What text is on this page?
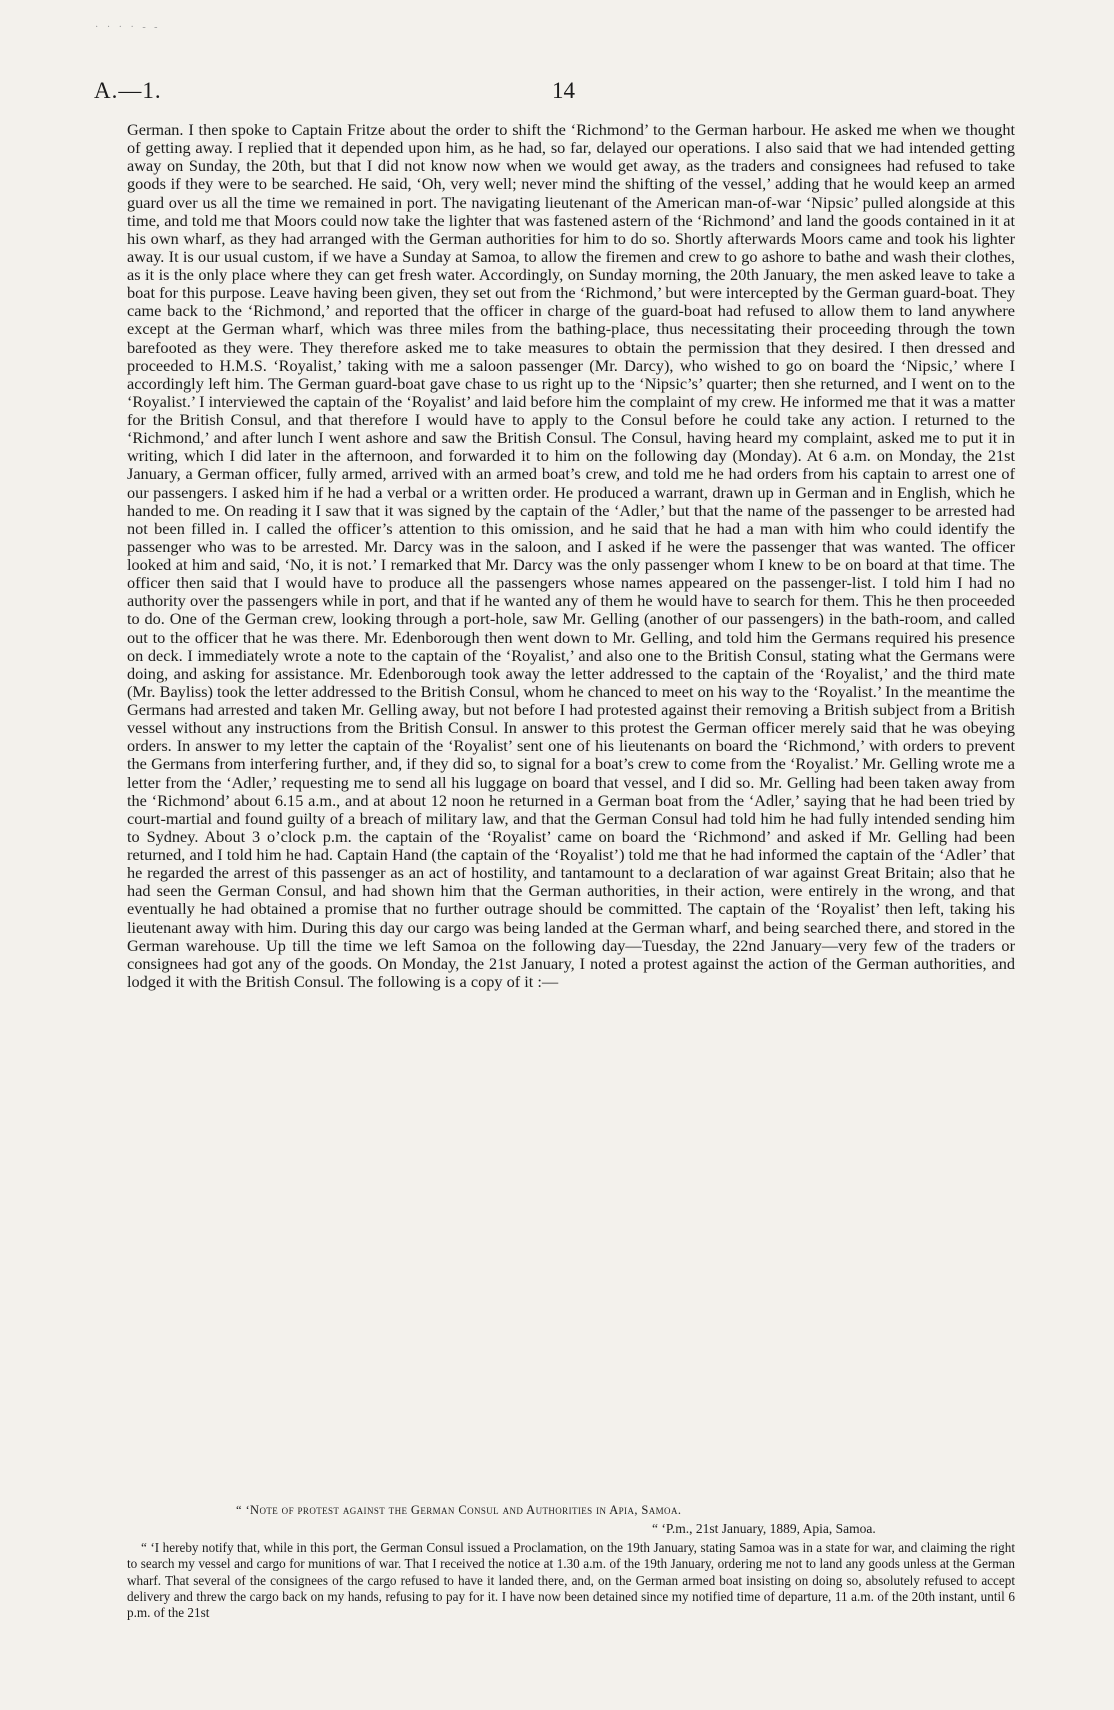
· · · · - -
A.—1.	14

German. I then spoke to Captain Fritze about the order to shift the ‘Richmond’ to the German harbour. He asked me when we thought of getting away. I replied that it depended upon him, as he had, so far, delayed our operations. I also said that we had intended getting away on Sunday, the 20th, but that I did not know now when we would get away, as the traders and consignees had refused to take goods if they were to be searched. He said, ‘Oh, very well; never mind the shifting of the vessel,’ adding that he would keep an armed guard over us all the time we remained in port. The navigating lieutenant of the American man-of-war ‘Nipsic’ pulled alongside at this time, and told me that Moors could now take the lighter that was fastened astern of the ‘Richmond’ and land the goods contained in it at his own wharf, as they had arranged with the German authorities for him to do so. Shortly afterwards Moors came and took his lighter away. It is our usual custom, if we have a Sunday at Samoa, to allow the firemen and crew to go ashore to bathe and wash their clothes, as it is the only place where they can get fresh water. Accordingly, on Sunday morning, the 20th January, the men asked leave to take a boat for this purpose. Leave having been given, they set out from the ‘Richmond,’ but were intercepted by the German guard-boat. They came back to the ‘Richmond,’ and reported that the officer in charge of the guard-boat had refused to allow them to land anywhere except at the German wharf, which was three miles from the bathing-place, thus necessitating their proceeding through the town barefooted as they were. They therefore asked me to take measures to obtain the permission that they desired. I then dressed and proceeded to H.M.S. ‘Royalist,’ taking with me a saloon passenger (Mr. Darcy), who wished to go on board the ‘Nipsic,’ where I accordingly left him. The German guard-boat gave chase to us right up to the ‘Nipsic’s’ quarter; then she returned, and I went on to the ‘Royalist.’ I interviewed the captain of the ‘Royalist’ and laid before him the complaint of my crew. He informed me that it was a matter for the British Consul, and that therefore I would have to apply to the Consul before he could take any action. I returned to the ‘Richmond,’ and after lunch I went ashore and saw the British Consul. The Consul, having heard my complaint, asked me to put it in writing, which I did later in the afternoon, and forwarded it to him on the following day (Monday). At 6 a.m. on Monday, the 21st January, a German officer, fully armed, arrived with an armed boat’s crew, and told me he had orders from his captain to arrest one of our passengers. I asked him if he had a verbal or a written order. He produced a warrant, drawn up in German and in English, which he handed to me. On reading it I saw that it was signed by the captain of the ‘Adler,’ but that the name of the passenger to be arrested had not been filled in. I called the officer’s attention to this omission, and he said that he had a man with him who could identify the passenger who was to be arrested. Mr. Darcy was in the saloon, and I asked if he were the passenger that was wanted. The officer looked at him and said, ‘No, it is not.’ I remarked that Mr. Darcy was the only passenger whom I knew to be on board at that time. The officer then said that I would have to produce all the passengers whose names appeared on the passenger-list. I told him I had no authority over the passengers while in port, and that if he wanted any of them he would have to search for them. This he then proceeded to do. One of the German crew, looking through a port-hole, saw Mr. Gelling (another of our passengers) in the bath-room, and called out to the officer that he was there. Mr. Edenborough then went down to Mr. Gelling, and told him the Germans required his presence on deck. I immediately wrote a note to the captain of the ‘Royalist,’ and also one to the British Consul, stating what the Germans were doing, and asking for assistance. Mr. Edenborough took away the letter addressed to the captain of the ‘Royalist,’ and the third mate (Mr. Bayliss) took the letter addressed to the British Consul, whom he chanced to meet on his way to the ‘Royalist.’ In the meantime the Germans had arrested and taken Mr. Gelling away, but not before I had protested against their removing a British subject from a British vessel without any instructions from the British Consul. In answer to this protest the German officer merely said that he was obeying orders. In answer to my letter the captain of the ‘Royalist’ sent one of his lieutenants on board the ‘Richmond,’ with orders to prevent the Germans from interfering further, and, if they did so, to signal for a boat’s crew to come from the ‘Royalist.’ Mr. Gelling wrote me a letter from the ‘Adler,’ requesting me to send all his luggage on board that vessel, and I did so. Mr. Gelling had been taken away from the ‘Richmond’ about 6.15 a.m., and at about 12 noon he returned in a German boat from the ‘Adler,’ saying that he had been tried by court-martial and found guilty of a breach of military law, and that the German Consul had told him he had fully intended sending him to Sydney. About 3 o’clock p.m. the captain of the ‘Royalist’ came on board the ‘Richmond’ and asked if Mr. Gelling had been returned, and I told him he had. Captain Hand (the captain of the ‘Royalist’) told me that he had informed the captain of the ‘Adler’ that he regarded the arrest of this passenger as an act of hostility, and tantamount to a declaration of war against Great Britain; also that he had seen the German Consul, and had shown him that the German authorities, in their action, were entirely in the wrong, and that eventually he had obtained a promise that no further outrage should be committed. The captain of the ‘Royalist’ then left, taking his lieutenant away with him. During this day our cargo was being landed at the German wharf, and being searched there, and stored in the German warehouse. Up till the time we left Samoa on the following day—Tuesday, the 22nd January—very few of the traders or consignees had got any of the goods. On Monday, the 21st January, I noted a protest against the action of the German authorities, and lodged it with the British Consul. The following is a copy of it :—

“ ‘Note of protest against the German Consul and Authorities in Apia, Samoa.
“ ‘P.m., 21st January, 1889, Apia, Samoa.

“ ‘I hereby notify that, while in this port, the German Consul issued a Proclamation, on the 19th January, stating Samoa was in a state for war, and claiming the right to search my vessel and cargo for munitions of war. That I received the notice at 1.30 a.m. of the 19th January, ordering me not to land any goods unless at the German wharf. That several of the consignees of the cargo refused to have it landed there, and, on the German armed boat insisting on doing so, absolutely refused to accept delivery and threw the cargo back on my hands, refusing to pay for it. I have now been detained since my notified time of departure, 11 a.m. of the 20th instant, until 6 p.m. of the 21st
